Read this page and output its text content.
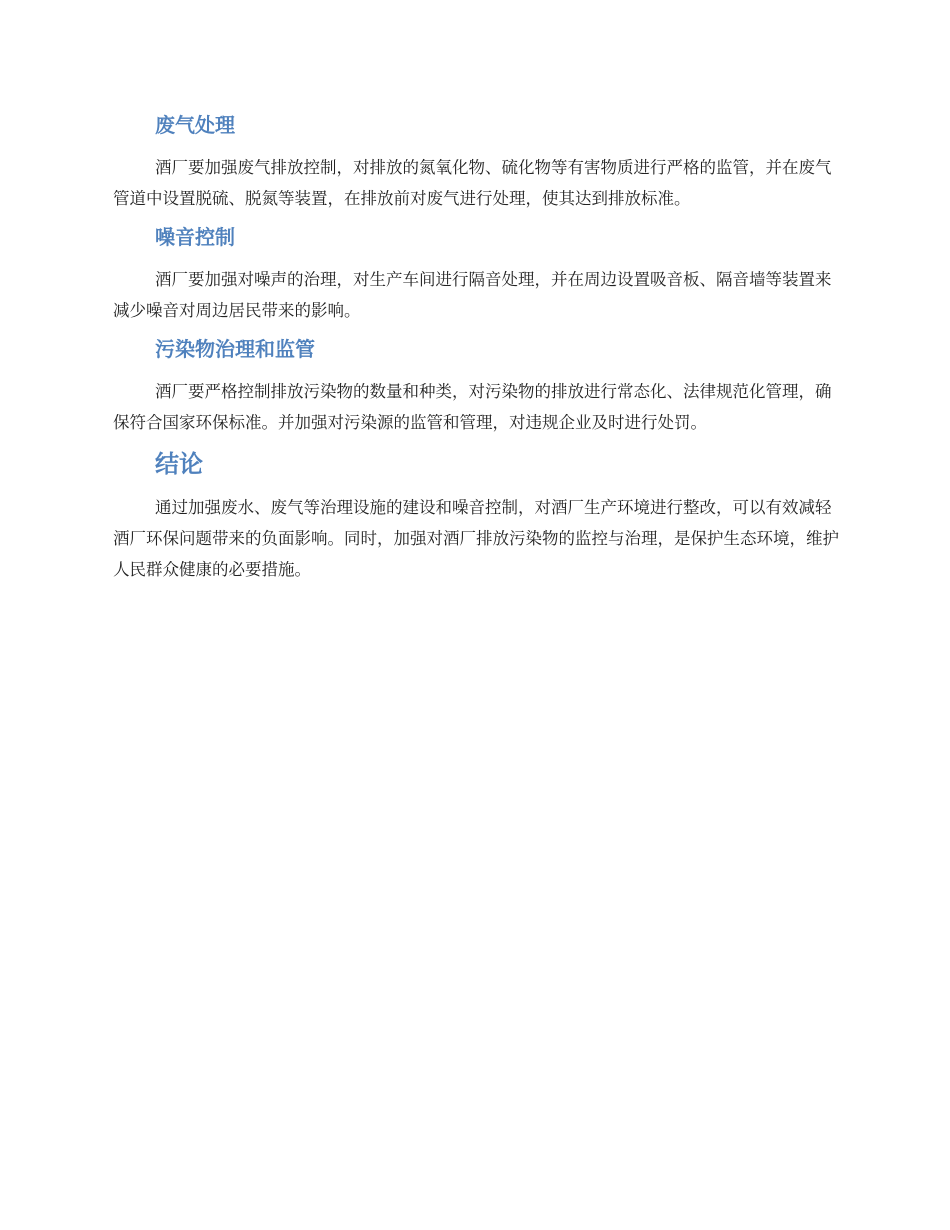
废气处理

酒厂要加强废气排放控制，对排放的氮氧化物、硫化物等有害物质进行严格的监管，并在废气管道中设置脱硫、脱氮等装置，在排放前对废气进行处理，使其达到排放标准。

噪音控制

酒厂要加强对噪声的治理，对生产车间进行隔音处理，并在周边设置吸音板、隔音墙等装置来减少噪音对周边居民带来的影响。

污染物治理和监管

酒厂要严格控制排放污染物的数量和种类，对污染物的排放进行常态化、法律规范化管理，确保符合国家环保标准。并加强对污染源的监管和管理，对违规企业及时进行处罚。

结论

通过加强废水、废气等治理设施的建设和噪音控制，对酒厂生产环境进行整改，可以有效减轻酒厂环保问题带来的负面影响。同时，加强对酒厂排放污染物的监控与治理，是保护生态环境，维护人民群众健康的必要措施。
